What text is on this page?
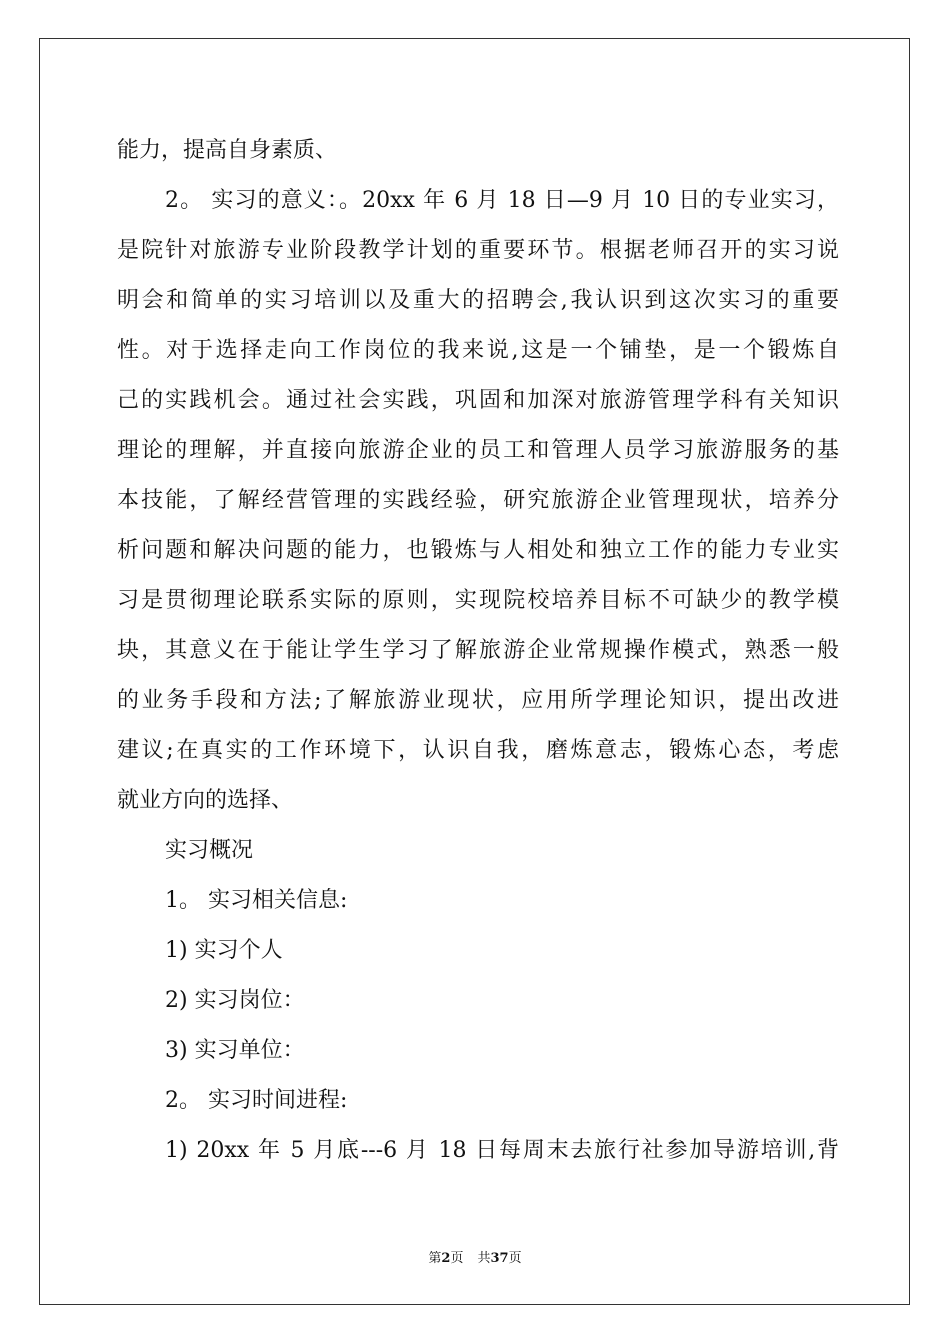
能力，提高自身素质、
2。 实习的意义：。20xx 年 6 月 18 日—9 月 10 日的专业实习，
是院针对旅游专业阶段教学计划的重要环节。根据老师召开的实习说
明会和简单的实习培训以及重大的招聘会,我认识到这次实习的重要
性。对于选择走向工作岗位的我来说,这是一个铺垫，是一个锻炼自
己的实践机会。通过社会实践，巩固和加深对旅游管理学科有关知识
理论的理解，并直接向旅游企业的员工和管理人员学习旅游服务的基
本技能，了解经营管理的实践经验，研究旅游企业管理现状，培养分
析问题和解决问题的能力，也锻炼与人相处和独立工作的能力专业实
习是贯彻理论联系实际的原则，实现院校培养目标不可缺少的教学模
块，其意义在于能让学生学习了解旅游企业常规操作模式，熟悉一般
的业务手段和方法;了解旅游业现状，应用所学理论知识，提出改进
建议;在真实的工作环境下，认识自我，磨炼意志，锻炼心态，考虑
就业方向的选择、
实习概况
1。 实习相关信息:
1) 实习个人
2) 实习岗位：
3) 实习单位：
2。 实习时间进程:
1) 20xx 年 5 月底---6 月 18 日每周末去旅行社参加导游培训,背
第2页 共37页
